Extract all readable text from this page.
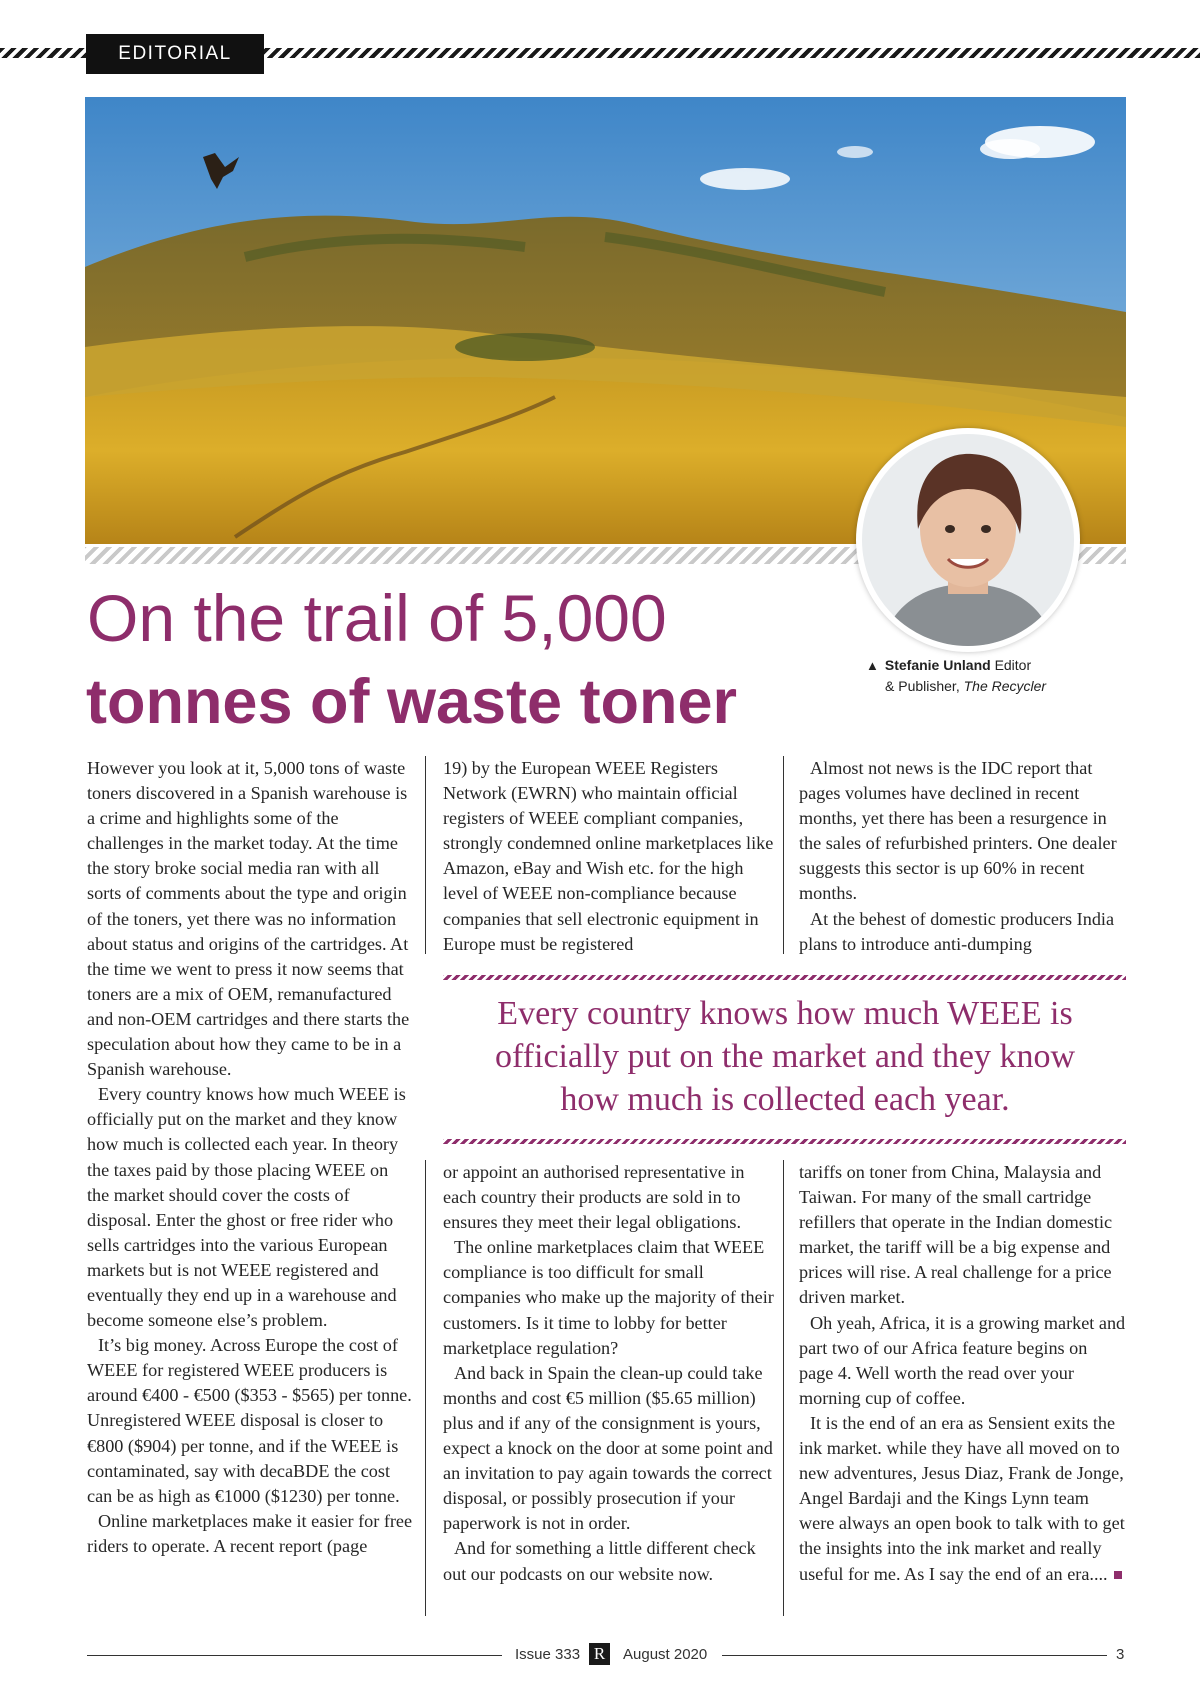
EDITORIAL
▲ Stefanie Unland Editor
& Publisher, The Recycler
On the trail of 5,000
tonnes of waste toner

However you look at it, 5,000 tons of waste toners discovered in a Spanish warehouse is a crime and highlights some of the challenges in the market today. At the time the story broke social media ran with all sorts of comments about the type and origin of the toners, yet there was no information about status and origins of the cartridges. At the time we went to press it now seems that toners are a mix of OEM, remanufactured and non-OEM cartridges and there starts the speculation about how they came to be in a Spanish warehouse.

Every country knows how much WEEE is officially put on the market and they know how much is collected each year. In theory the taxes paid by those placing WEEE on the market should cover the costs of disposal. Enter the ghost or free rider who sells cartridges into the various European markets but is not WEEE registered and eventually they end up in a warehouse and become someone else’s problem.

It’s big money. Across Europe the cost of WEEE for registered WEEE producers is around €400 - €500 ($353 - $565) per tonne. Unregistered WEEE disposal is closer to €800 ($904) per tonne, and if the WEEE is contaminated, say with decaBDE the cost can be as high as €1000 ($1230) per tonne.

Online marketplaces make it easier for free riders to operate. A recent report (page

19) by the European WEEE Registers Network (EWRN) who maintain official registers of WEEE compliant companies, strongly condemned online marketplaces like Amazon, eBay and Wish etc. for the high level of WEEE non-compliance because companies that sell electronic equipment in Europe must be registered

Almost not news is the IDC report that pages volumes have declined in recent months, yet there has been a resurgence in the sales of refurbished printers. One dealer suggests this sector is up 60% in recent months.

At the behest of domestic producers India plans to introduce anti-dumping

Every country knows how much WEEE is officially put on the market and they know how much is collected each year.

or appoint an authorised representative in each country their products are sold in to ensures they meet their legal obligations.

The online marketplaces claim that WEEE compliance is too difficult for small companies who make up the majority of their customers. Is it time to lobby for better marketplace regulation?

And back in Spain the clean-up could take months and cost €5 million ($5.65 million) plus and if any of the consignment is yours, expect a knock on the door at some point and an invitation to pay again towards the correct disposal, or possibly prosecution if your paperwork is not in order.

And for something a little different check out our podcasts on our website now.

tariffs on toner from China, Malaysia and Taiwan. For many of the small cartridge refillers that operate in the Indian domestic market, the tariff will be a big expense and prices will rise. A real challenge for a price driven market.

Oh yeah, Africa, it is a growing market and part two of our Africa feature begins on page 4. Well worth the read over your morning cup of coffee.

It is the end of an era as Sensient exits the ink market. while they have all moved on to new adventures, Jesus Diaz, Frank de Jonge, Angel Bardaji and the Kings Lynn team were always an open book to talk with to get the insights into the ink market and really useful for me. As I say the end of an era....

Issue 333 R	August 2020	3
